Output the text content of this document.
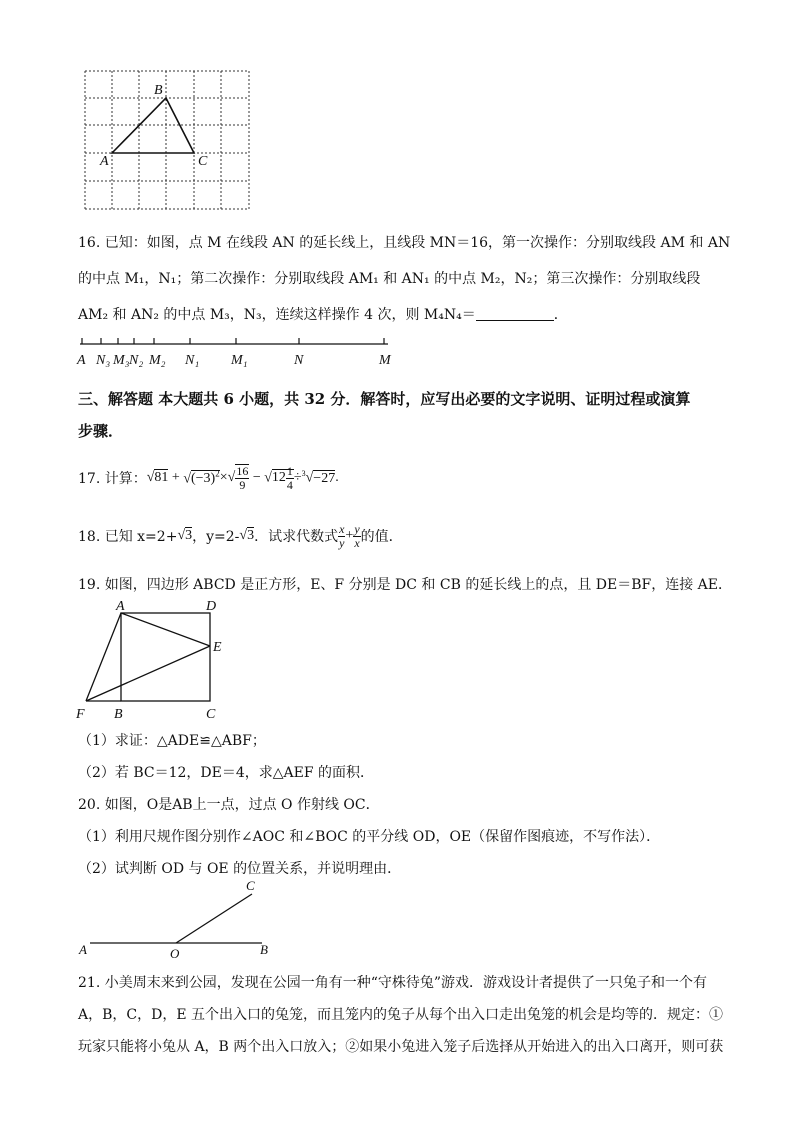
A
B
C
16. 已知：如图，点 M 在线段 AN 的延长线上，且线段 MN＝16，第一次操作：分别取线段 AM 和 AN
的中点 M₁，N₁；第二次操作：分别取线段 AM₁ 和 AN₁ 的中点 M₂，N₂；第三次操作：分别取线段
AM₂ 和 AN₂ 的中点 M₃，N₃，连续这样操作 4 次，则 M₄N₄＝	．
A N₃ M₃ N₂ M₂ N₁ M₁	N	M
三、解答题 本大题共 6 小题，共 32 分．解答时，应写出必要的文字说明、证明过程或演算
步骤．
17. 计算： $√81 + √(-3)^2$ × √ $\frac{16}{9}$
−
$√12 \frac{1}{4} \div ^3√-27$ .
18. 已知 x=2+ √3 ，y=2- √3 ．试求代数式 $\frac{x}{y} + \frac{y}{x}$ 的值．
19. 如图，四边形 ABCD 是正方形，E、F 分别是 DC 和 CB 的延长线上的点，且 DE＝BF，连接 AE．
A	D
E
F B	C
（1）求证：△ADE≌△ABF；
（2）若 BC＝12，DE＝4，求△AEF 的面积．
20. 如图，O是AB上一点，过点 O 作射线 OC．
（1）利用尺规作图分别作∠AOC 和∠BOC 的平分线 OD，OE（保留作图痕迹，不写作法）．
（2）试判断 OD 与 OE 的位置关系，并说明理由．
A	O	B
C
21. 小美周末来到公园，发现在公园一角有一种“守株待兔”游戏．游戏设计者提供了一只兔子和一个有
A，B，C，D，E 五个出入口的兔笼，而且笼内的兔子从每个出入口走出兔笼的机会是均等的．规定：①
玩家只能将小兔从 A，B 两个出入口放入；②如果小兔进入笼子后选择从开始进入的出入口离开，则可获
